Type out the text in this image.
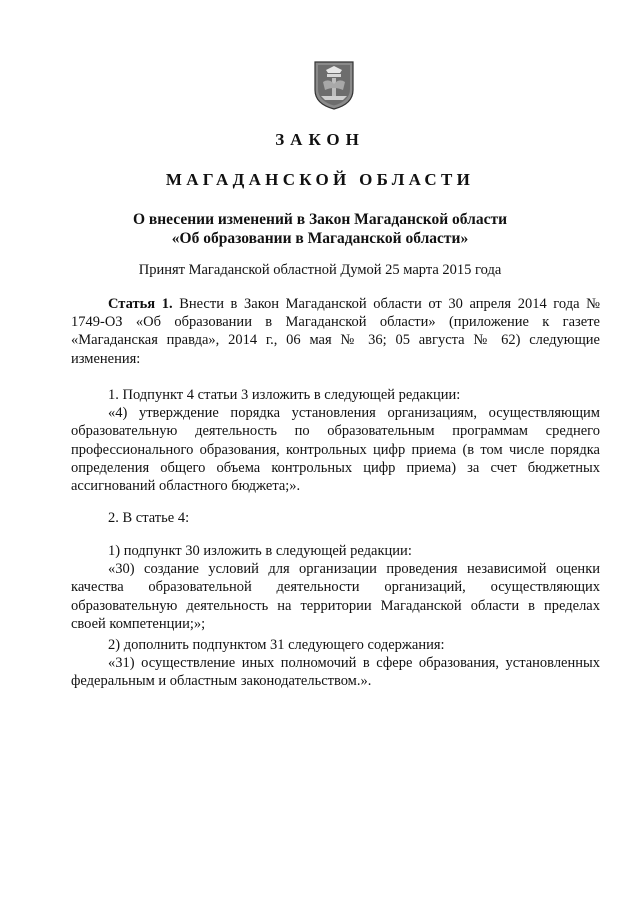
ЗАКОН
МАГАДАНСКОЙ ОБЛАСТИ
О внесении изменений в Закон Магаданской области
«Об образовании в Магаданской области»
Принят Магаданской областной Думой 25 марта 2015 года

Статья 1. Внести в Закон Магаданской области от 30 апреля 2014 года № 1749-ОЗ «Об образовании в Магаданской области» (приложение к газете «Магаданская правда», 2014 г., 06 мая № 36; 05 августа № 62) следующие изменения:

1. Подпункт 4 статьи 3 изложить в следующей редакции:

«4) утверждение порядка установления организациям, осуществляющим образовательную деятельность по образовательным программам среднего профессионального образования, контрольных цифр приема (в том числе порядка определения общего объема контрольных цифр приема) за счет бюджетных ассигнований областного бюджета;».

2. В статье 4:

1) подпункт 30 изложить в следующей редакции:

«30) создание условий для организации проведения независимой оценки качества образовательной деятельности организаций, осуществляющих образовательную деятельность на территории Магаданской области в пределах своей компетенции;»;

2) дополнить подпунктом 31 следующего содержания:

«31) осуществление иных полномочий в сфере образования, установленных федеральным и областным законодательством.».
